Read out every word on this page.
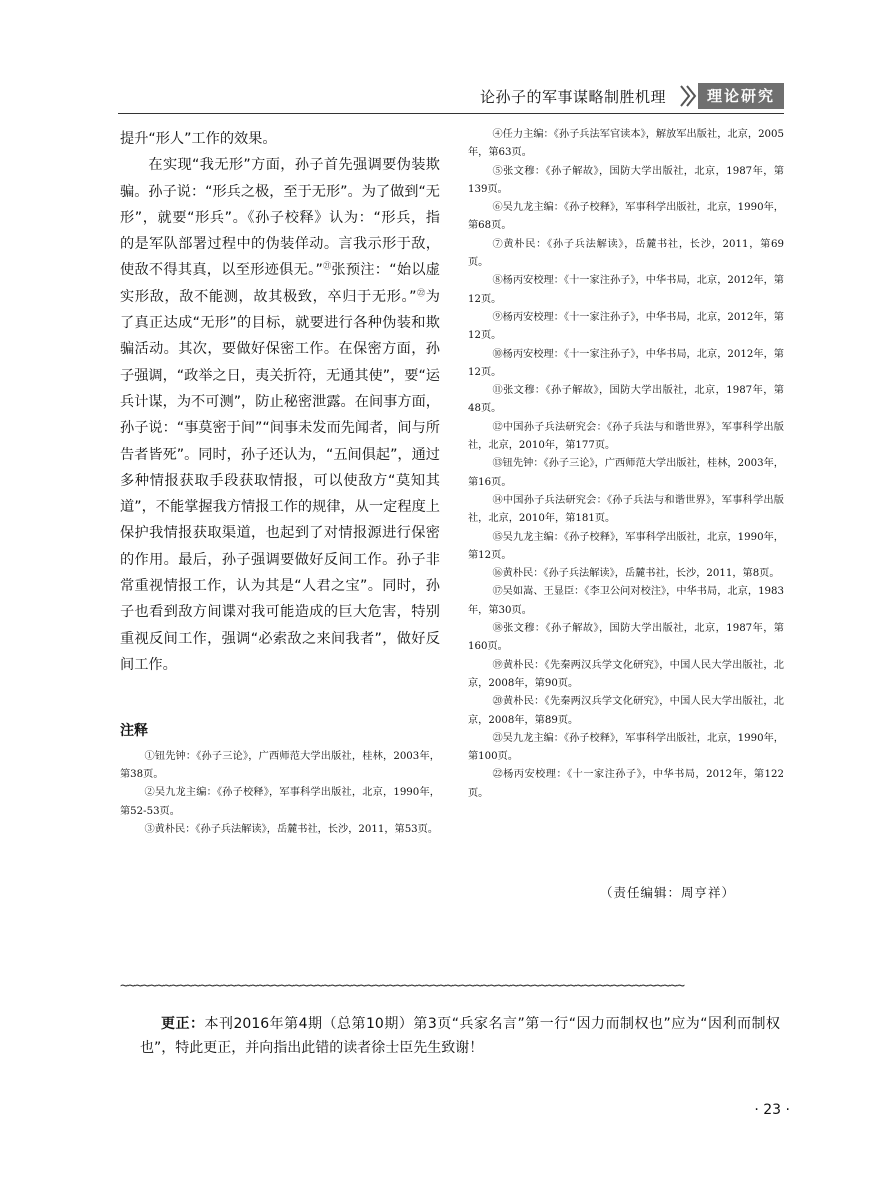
论孙子的军事谋略制胜机理	理论研究

提升“形人”工作的效果。

在实现“我无形”方面，孙子首先强调要伪装欺骗。孙子说：“形兵之极，至于无形”。为了做到“无形”，就要“形兵”。《孙子校释》认为：“形兵，指的是军队部署过程中的伪装佯动。言我示形于敌，使敌不得其真，以至形迹俱无。”$^㉑$张预注：“始以虚实形敌，敌不能测，故其极致，卒归于无形。”$^㉒$为了真正达成“无形”的目标，就要进行各种伪装和欺骗活动。其次，要做好保密工作。在保密方面，孙子强调，“政举之日，夷关折符，无通其使”，要“运兵计谋，为不可测”，防止秘密泄露。在间事方面，孙子说：“事莫密于间”“间事未发而先闻者，间与所告者皆死”。同时，孙子还认为，“五间俱起”，通过多种情报获取手段获取情报，可以使敌方“莫知其道”，不能掌握我方情报工作的规律，从一定程度上保护我情报获取渠道，也起到了对情报源进行保密的作用。最后，孙子强调要做好反间工作。孙子非常重视情报工作，认为其是“人君之宝”。同时，孙子也看到敌方间谍对我可能造成的巨大危害，特别重视反间工作，强调“必索敌之来间我者”，做好反间工作。

注释
①钮先钟：《孙子三论》，广西师范大学出版社，桂林，2003年，第38页。
②吴九龙主编：《孙子校释》，军事科学出版社，北京，1990年，第52-53页。
③黄朴民：《孙子兵法解读》，岳麓书社，长沙，2011，第53页。
④任力主编：《孙子兵法军官读本》，解放军出版社，北京，2005年，第63页。
⑤张文穆：《孙子解故》，国防大学出版社，北京，1987年，第139页。
⑥吴九龙主编：《孙子校释》，军事科学出版社，北京，1990年，第68页。
⑦黄朴民：《孙子兵法解读》，岳麓书社，长沙，2011，第69页。
⑧杨丙安校理：《十一家注孙子》，中华书局，北京，2012年，第12页。
⑨杨丙安校理：《十一家注孙子》，中华书局，北京，2012年，第12页。
⑩杨丙安校理：《十一家注孙子》，中华书局，北京，2012年，第12页。
⑪张文穆：《孙子解故》，国防大学出版社，北京，1987年，第48页。
⑫中国孙子兵法研究会：《孙子兵法与和谐世界》，军事科学出版社，北京，2010年，第177页。
⑬钮先钟：《孙子三论》，广西师范大学出版社，桂林，2003年，第16页。
⑭中国孙子兵法研究会：《孙子兵法与和谐世界》，军事科学出版社，北京，2010年，第181页。
⑮吴九龙主编：《孙子校释》，军事科学出版社，北京，1990年，第12页。
⑯黄朴民：《孙子兵法解读》，岳麓书社，长沙，2011，第8页。
⑰吴如嵩、王显臣：《李卫公问对校注》，中华书局，北京，1983年，第30页。
⑱张文穆：《孙子解故》，国防大学出版社，北京，1987年，第160页。
⑲黄朴民：《先秦两汉兵学文化研究》，中国人民大学出版社，北京，2008年，第90页。
⑳黄朴民：《先秦两汉兵学文化研究》，中国人民大学出版社，北京，2008年，第89页。
㉑吴九龙主编：《孙子校释》，军事科学出版社，北京，1990年，第100页。
㉒杨丙安校理：《十一家注孙子》，中华书局，2012年，第122页。
（责任编辑：周亨祥）
~~~~~~~~~~~~~~~~~~~~~~~~~~~~~~~~~~~~~~~~~~~~~~~~~~~~~~~~~~~~~~~~~~~~~~~~~~~~~~
更正：本刊2016年第4期（总第10期）第3页“兵家名言”第一行“因力而制权也”应为“因利而制权也”，特此更正，并向指出此错的读者徐士臣先生致谢！
· 23 ·
